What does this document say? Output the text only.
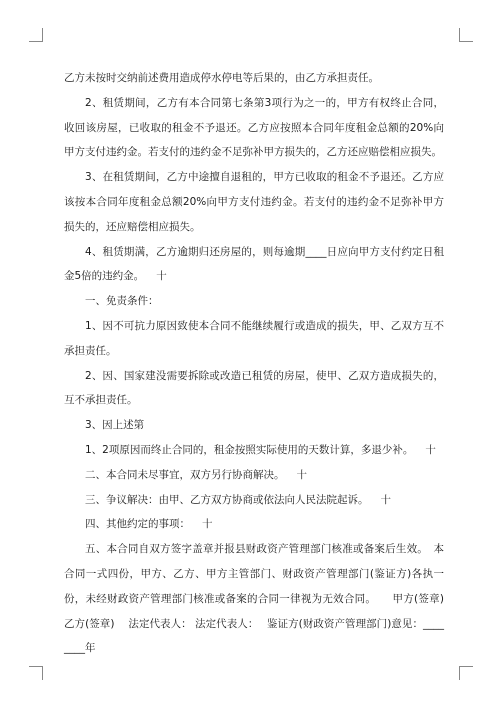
乙方未按时交纳前述费用造成停水停电等后果的，由乙方承担责任。

2、租赁期间，乙方有本合同第七条第3项行为之一的，甲方有权终止合同，收回该房屋，已收取的租金不予退还。乙方应按照本合同年度租金总额的20%向甲方支付违约金。若支付的违约金不足弥补甲方损失的，乙方还应赔偿相应损失。

3、在租赁期间，乙方中途擅自退租的，甲方已收取的租金不予退还。乙方应该按本合同年度租金总额20%向甲方支付违约金。若支付的违约金不足弥补甲方损失的，还应赔偿相应损失。

4、租赁期满，乙方逾期归还房屋的，则每逾期____日应向甲方支付约定日租金5倍的违约金。 十

一、免责条件：

1、因不可抗力原因致使本合同不能继续履行或造成的损失，甲、乙双方互不承担责任。

2、因、国家建没需要拆除或改造已租赁的房屋，使甲、乙双方造成损失的，互不承担责任。

3、因上述第

1、2项原因而终止合同的，租金按照实际使用的天数计算，多退少补。 十

二、本合同未尽事宜，双方另行协商解决。 十

三、争议解决：由甲、乙方双方协商或依法向人民法院起诉。 十

四、其他约定的事项： 十

五、本合同自双方签字盖章并报县财政资产管理部门核准或备案后生效。　本合同一式四份，甲方、乙方、甲方主管部门、财政资产管理部门(鉴证方)各执一份，未经财政资产管理部门核准或备案的合同一律视为无效合同。　　甲方(签章) 乙方(签章)　 法定代表人： 法定代表人：　 鉴证方(财政资产管理部门)意见：________年
